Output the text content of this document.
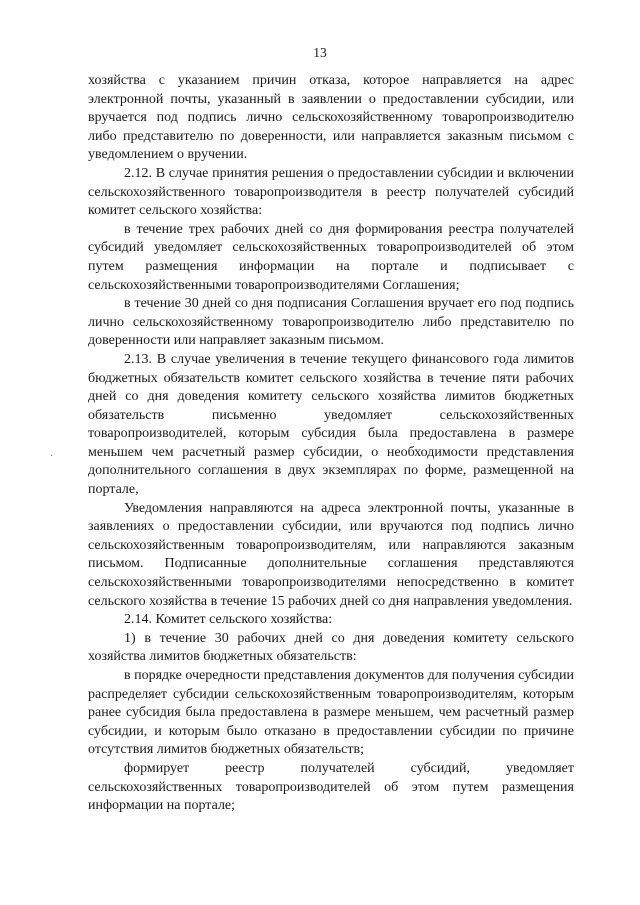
13
·

хозяйства с указанием причин отказа, которое направляется на адрес электронной почты, указанный в заявлении о предоставлении субсидии, или вручается под подпись лично сельскохозяйственному товаропроизводителю либо представителю по доверенности, или направляется заказным письмом с уведомлением о вручении.

2.12. В случае принятия решения о предоставлении субсидии и включении сельскохозяйственного товаропроизводителя в реестр получателей субсидий комитет сельского хозяйства:

в течение трех рабочих дней со дня формирования реестра получателей субсидий уведомляет сельскохозяйственных товаропроизводителей об этом путем размещения информации на портале и подписывает с сельскохозяйственными товаропроизводителями Соглашения;

в течение 30 дней со дня подписания Соглашения вручает его под подпись лично сельскохозяйственному товаропроизводителю либо представителю по доверенности или направляет заказным письмом.

2.13. В случае увеличения в течение текущего финансового года лимитов бюджетных обязательств комитет сельского хозяйства в течение пяти рабочих дней со дня доведения комитету сельского хозяйства лимитов бюджетных обязательств письменно уведомляет сельскохозяйственных товаропроизводителей, которым субсидия была предоставлена в размере меньшем чем расчетный размер субсидии, о необходимости представления дополнительного соглашения в двух экземплярах по форме, размещенной на портале,

Уведомления направляются на адреса электронной почты, указанные в заявлениях о предоставлении субсидии, или вручаются под подпись лично сельскохозяйственным товаропроизводителям, или направляются заказным письмом. Подписанные дополнительные соглашения представляются сельскохозяйственными товаропроизводителями непосредственно в комитет сельского хозяйства в течение 15 рабочих дней со дня направления уведомления.

2.14. Комитет сельского хозяйства:

1) в течение 30 рабочих дней со дня доведения комитету сельского хозяйства лимитов бюджетных обязательств:

в порядке очередности представления документов для получения субсидии распределяет субсидии сельскохозяйственным товаропроизводителям, которым ранее субсидия была предоставлена в размере меньшем, чем расчетный размер субсидии, и которым было отказано в предоставлении субсидии по причине отсутствия лимитов бюджетных обязательств;

формирует реестр получателей субсидий, уведомляет сельскохозяйственных товаропроизводителей об этом путем размещения информации на портале;
